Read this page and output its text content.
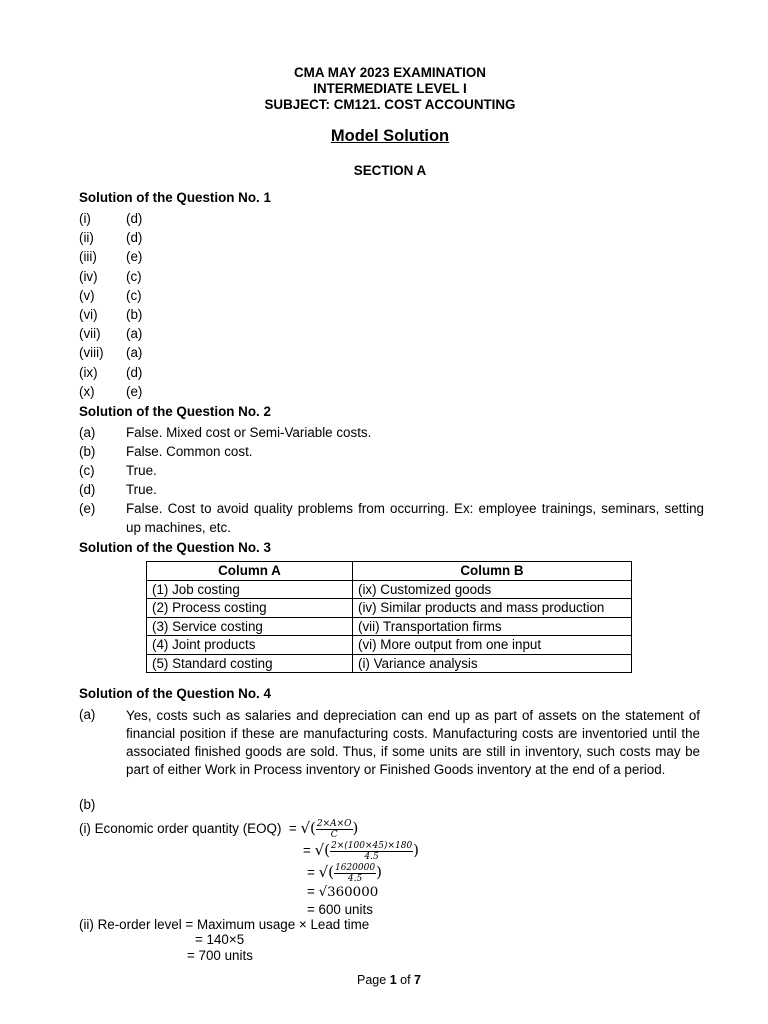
CMA MAY 2023 EXAMINATION
INTERMEDIATE LEVEL I
SUBJECT: CM121. COST ACCOUNTING
Model Solution
SECTION A
Solution of the Question No. 1
(i)	(d)
(ii) (d)
(iii) (e)
(iv) (c)
(v) (c)
(vi) (b)
(vii) (a)
(viii) (a)
(ix) (d)
(x) (e)
Solution of the Question No. 2
(a) False. Mixed cost or Semi-Variable costs.
(b) False. Common cost.
(c) True.
(d) True.
(e) False. Cost to avoid quality problems from occurring. Ex: employee trainings, seminars, setting up machines, etc.
Solution of the Question No. 3
Column A	Column B
(1) Job costing	(ix) Customized goods
(2) Process costing	(iv) Similar products and mass production
(3) Service costing	(vii) Transportation firms
(4) Joint products	(vi) More output from one input
(5) Standard costing	(i) Variance analysis
Solution of the Question No. 4
(a) Yes, costs such as salaries and depreciation can end up as part of assets on the statement of financial position if these are manufacturing costs. Manufacturing costs are inventoried until the associated finished goods are sold. Thus, if some units are still in inventory, such costs may be part of either Work in Process inventory or Finished Goods inventory at the end of a period.
(b)
(i) Economic order quantity (EOQ)  = √( $\frac{2\times A\times O}{C}$ )
= √( $\frac{2\times(100\times 45)\times 180}{4.5}$ )
= √( $\frac{1620000}{4.5}$ )
= √360000
= 600 units
(ii) Re-order level = Maximum usage × Lead time
= 140×5
= 700 units
Page 1 of 7
